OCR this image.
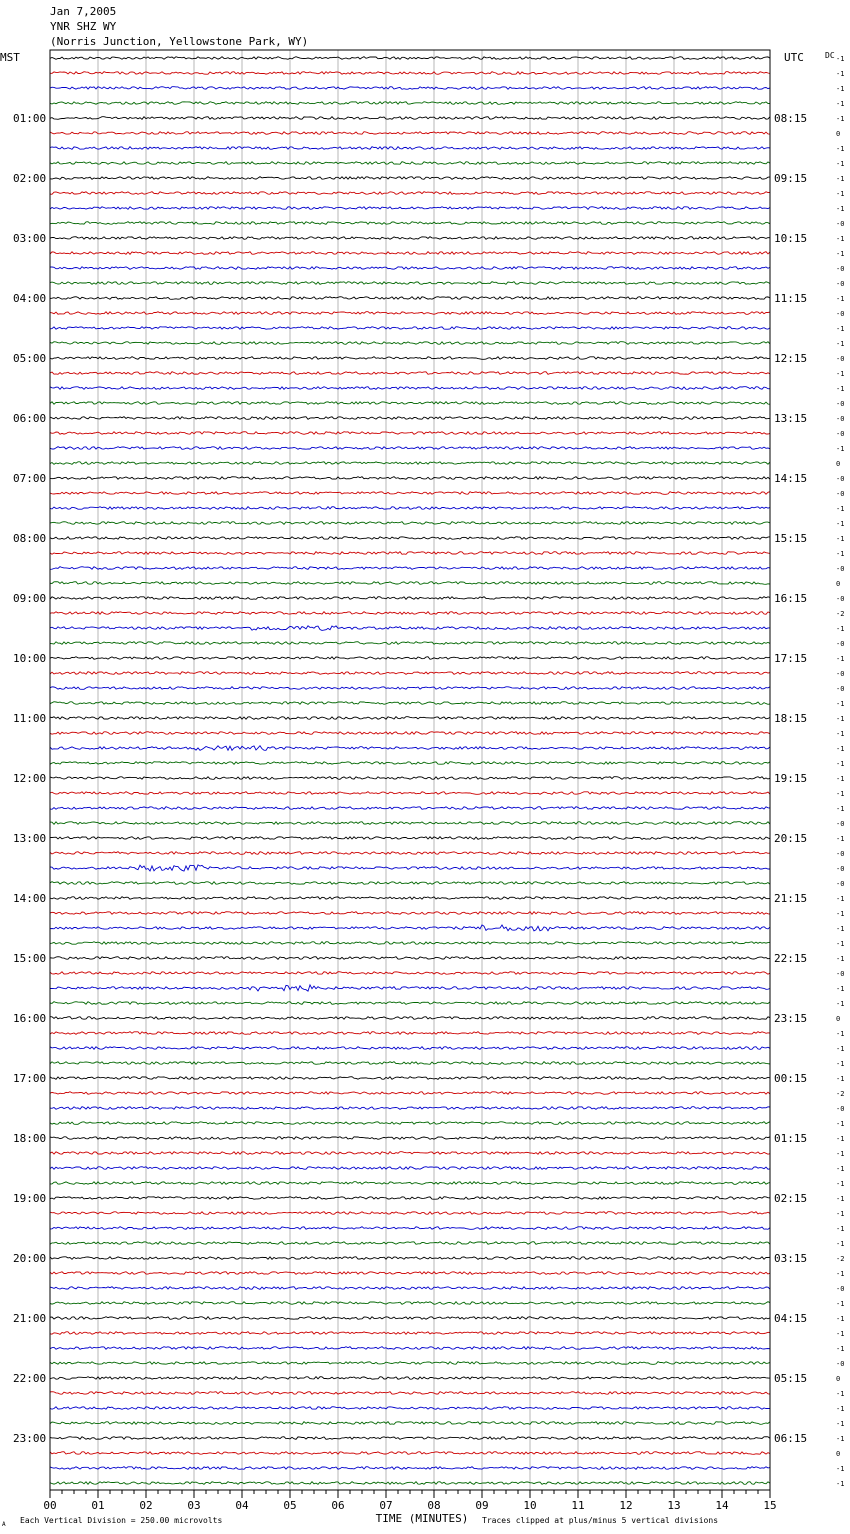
Jan 7,2005
YNR SHZ WY
(Norris Junction, Yellowstone Park, WY)
01:00
02:00
03:00
04:00
05:00
06:00
07:00
08:00
09:00
10:00
11:00
12:00
13:00
14:00
15:00
16:00
17:00
18:00
19:00
20:00
21:00
22:00
23:00
08:15
09:15
10:15
11:15
12:15
13:15
14:15
15:15
16:15
17:15
18:15
19:15
20:15
21:15
22:15
23:15
00:15
01:15
02:15
03:15
04:15
05:15
06:15
-1
-1
-1
-1
-1
0
-1
-1
-1
-1
-1
-0
-1
-1
-0
-0
-1
-0
-1
-1
-0
-1
-1
-0
-0
-0
-1
0
-0
-0
-1
-1
-1
-1
-0
0
-0
-2
-1
-0
-1
-0
-0
-1
-1
-1
-1
-1
-1
-1
-1
-0
-1
-0
-0
-0
-1
-1
-1
-1
-1
-0
-1
-1
0
-1
-1
-1
-1
-2
-0
-1
-1
-1
-1
-1
-1
-1
-1
-1
-2
-1
-0
-1
-1
-1
-1
-0
0
-1
-1
-1
-1
0
-1
-1
00	01	02	03	04	05	06	07	08	09	10	11	12	13	14	15
MST	UTC	DC
TIME (MINUTES)
A Each Vertical Division = 250.00 microvolts	Traces clipped at plus/minus 5 vertical divisions
